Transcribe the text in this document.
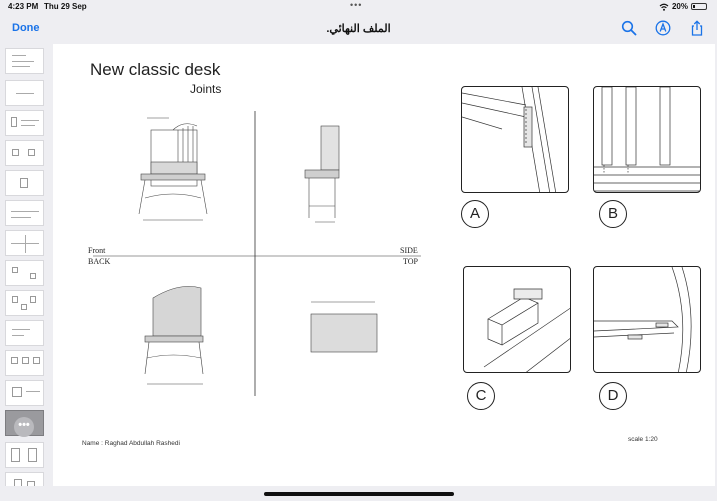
4:23 PM Thu 29 Sep	•••	20%
Done	الملف النهائي.
•••
New classic desk
Joints
Front
BACK
SIDE
TOP
A	B
C	D
Name : Raghad Abdullah Rashedi
scale 1:20
